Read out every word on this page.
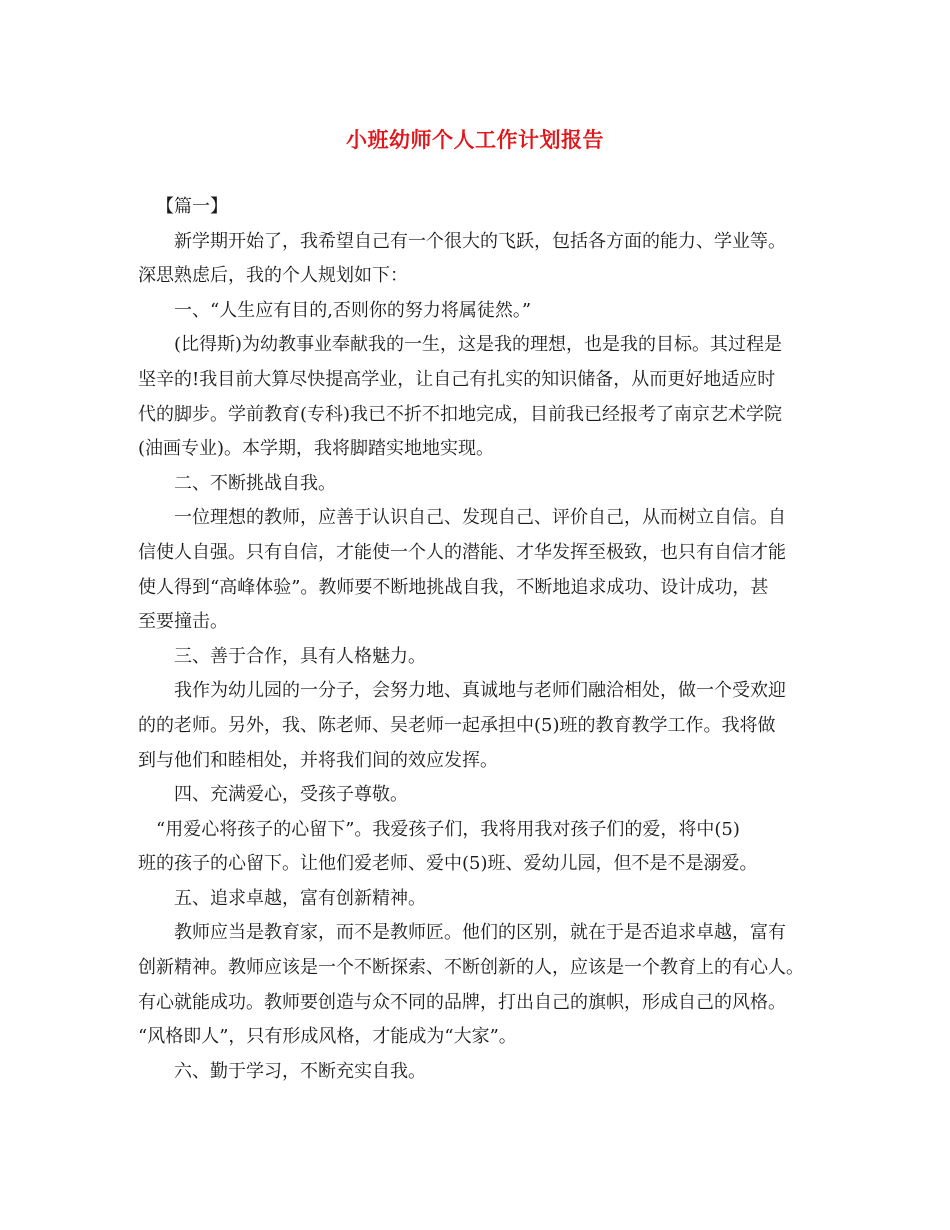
小班幼师个人工作计划报告
【篇一】
新学期开始了，我希望自己有一个很大的飞跃，包括各方面的能力、学业等。
深思熟虑后，我的个人规划如下：
一、“人生应有目的,否则你的努力将属徒然。”
(比得斯)为幼教事业奉献我的一生，这是我的理想，也是我的目标。其过程是
坚辛的!我目前大算尽快提高学业，让自己有扎实的知识储备，从而更好地适应时
代的脚步。学前教育(专科)我已不折不扣地完成，目前我已经报考了南京艺术学院
(油画专业)。本学期，我将脚踏实地地实现。
二、不断挑战自我。
一位理想的教师，应善于认识自己、发现自己、评价自己，从而树立自信。自
信使人自强。只有自信，才能使一个人的潜能、才华发挥至极致，也只有自信才能
使人得到“高峰体验”。教师要不断地挑战自我，不断地追求成功、设计成功，甚
至要撞击。
三、善于合作，具有人格魅力。
我作为幼儿园的一分子，会努力地、真诚地与老师们融洽相处，做一个受欢迎
的的老师。另外，我、陈老师、吴老师一起承担中(5)班的教育教学工作。我将做
到与他们和睦相处，并将我们间的效应发挥。
四、充满爱心，受孩子尊敬。
“用爱心将孩子的心留下”。我爱孩子们，我将用我对孩子们的爱，将中(5)
班的孩子的心留下。让他们爱老师、爱中(5)班、爱幼儿园，但不是不是溺爱。
五、追求卓越，富有创新精神。
教师应当是教育家，而不是教师匠。他们的区别，就在于是否追求卓越，富有
创新精神。教师应该是一个不断探索、不断创新的人，应该是一个教育上的有心人。
有心就能成功。教师要创造与众不同的品牌，打出自己的旗帜，形成自己的风格。
“风格即人”，只有形成风格，才能成为“大家”。
六、勤于学习，不断充实自我。
